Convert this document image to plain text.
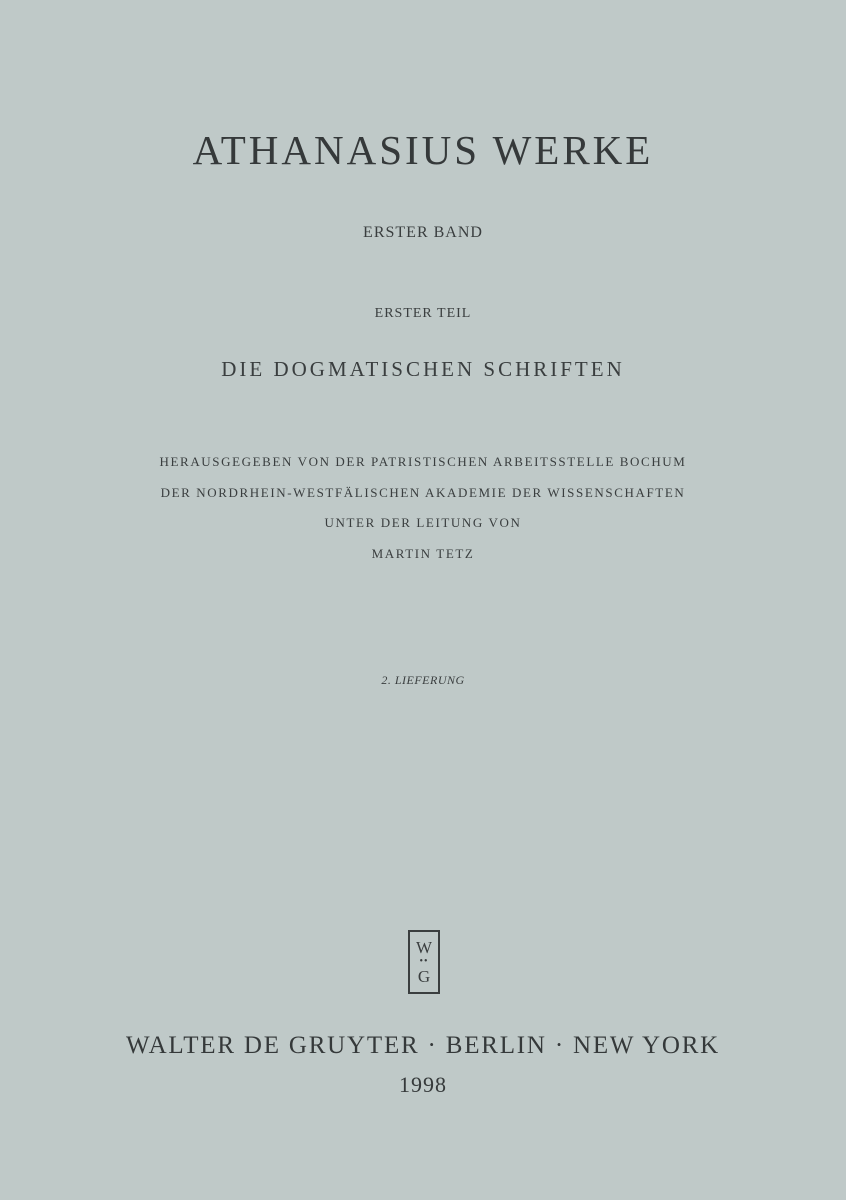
ATHANASIUS WERKE
ERSTER BAND
ERSTER TEIL
DIE DOGMATISCHEN SCHRIFTEN
HERAUSGEGEBEN VON DER PATRISTISCHEN ARBEITSSTELLE BOCHUM
DER NORDRHEIN-WESTFÄLISCHEN AKADEMIE DER WISSENSCHAFTEN
UNTER DER LEITUNG VON
MARTIN TETZ
2. LIEFERUNG
W
••
G
WALTER DE GRUYTER · BERLIN · NEW YORK
1998
